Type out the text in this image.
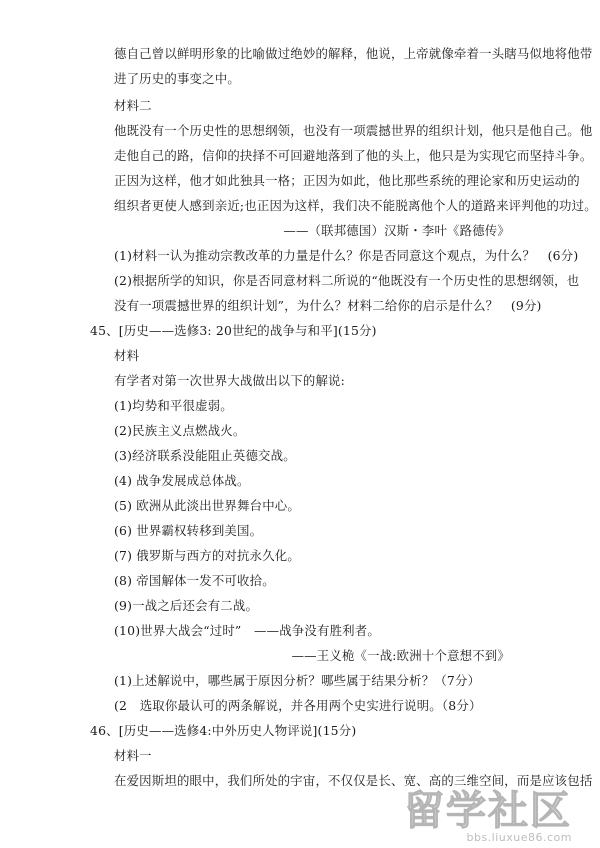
德自己曾以鲜明形象的比喻做过绝妙的解释，他说，上帝就像牵着一头瞎马似地将他带
进了历史的事变之中。
材料二
他既没有一个历史性的思想纲领，也没有一项震撼世界的组织计划，他只是他自己。他
走他自己的路，信仰的抉择不可回避地落到了他的头上，他只是为实现它而坚持斗争。
正因为这样，他才如此独具一格；正因为如此，他比那些系统的理论家和历史运动的
组织者更使人感到亲近;也正因为这样，我们决不能脱离他个人的道路来评判他的功过。
——（联邦德国）汉斯・李叶《路德传》
(1)材料一认为推动宗教改革的力量是什么？你是否同意这个观点，为什么？　(6分)
(2)根据所学的知识，你是否同意材料二所说的“他既没有一个历史性的思想纲领，也
没有一项震撼世界的组织计划”，为什么？材料二给你的启示是什么？　(9分)
45、[历史——选修3: 20世纪的战争与和平](15分)
材料
有学者对第一次世界大战做出以下的解说:
(1)均势和平很虚弱。
(2)民族主义点燃战火。
(3)经济联系没能阻止英德交战。
(4) 战争发展成总体战。
(5) 欧洲从此淡出世界舞台中心。
(6) 世界霸权转移到美国。
(7) 俄罗斯与西方的对抗永久化。
(8) 帝国解体一发不可收拾。
(9)一战之后还会有二战。
(10)世界大战会“过时”　——战争没有胜利者。
——王义桅《一战:欧洲十个意想不到》
(1)上述解说中，哪些属于原因分析？哪些属于结果分析？（7分）
(2　选取你最认可的两条解说，并各用两个史实进行说明。（8分）
46、[历史——选修4:中外历史人物评说](15分)
材料一
在爱因斯坦的眼中，我们所处的宇宙，不仅仅是长、宽、高的三维空间，而是应该包括
留学社区
bbs.liuxue86.com
